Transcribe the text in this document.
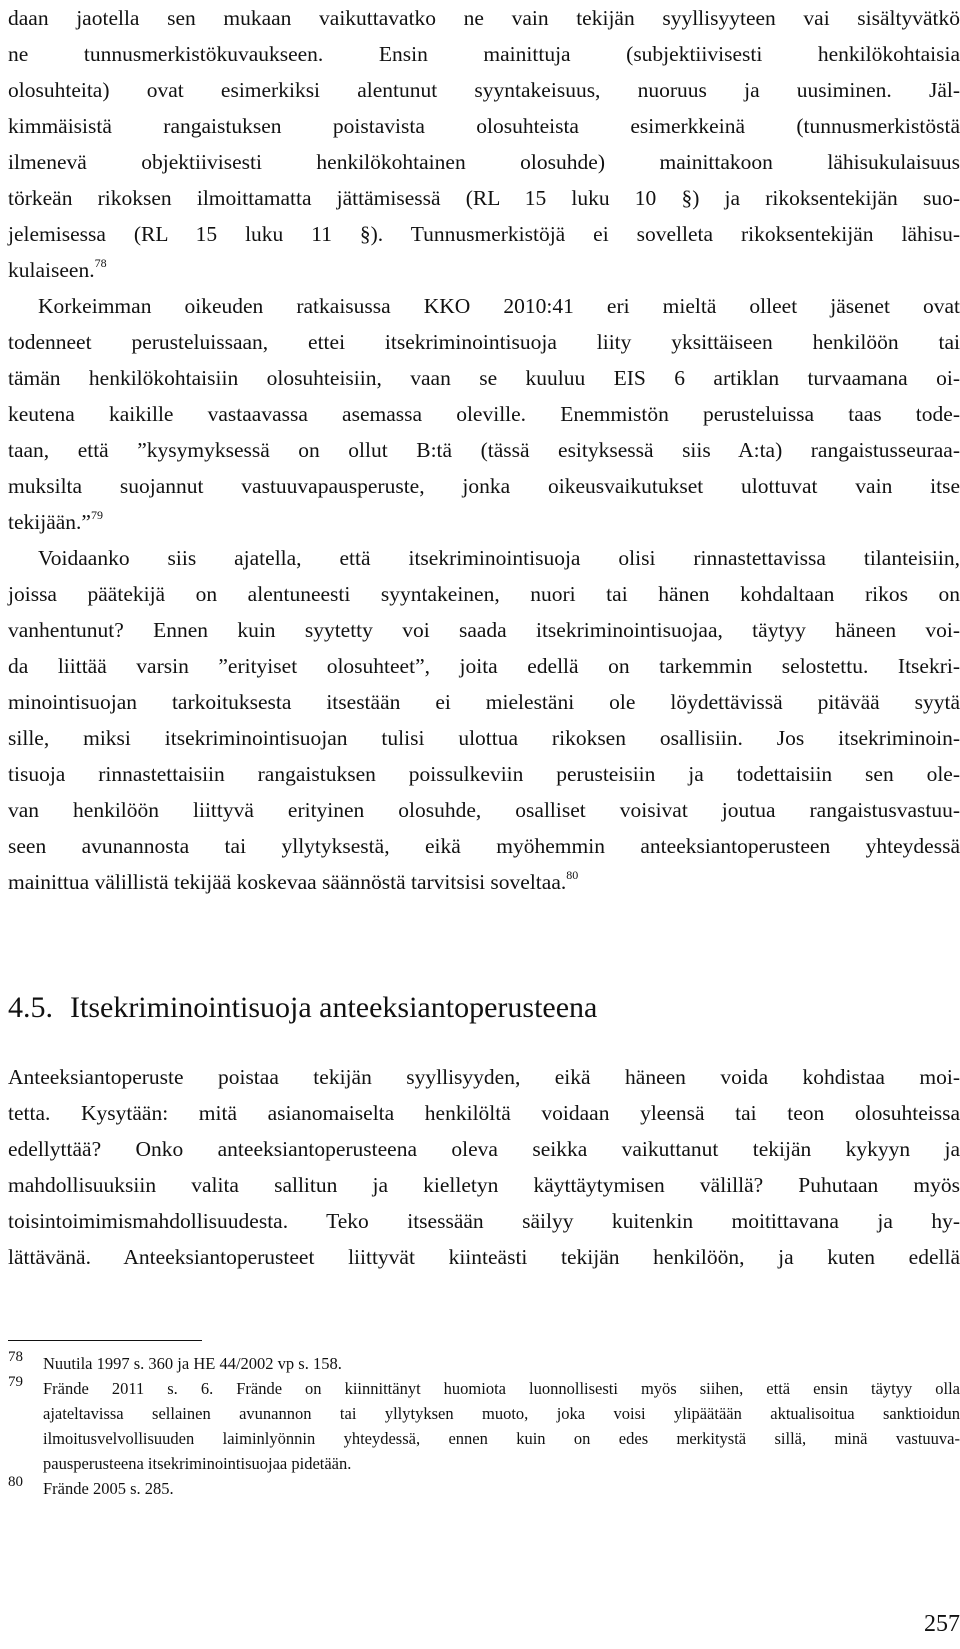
daan jaotella sen mukaan vaikuttavatko ne vain tekijän syyllisyyteen vai sisältyvätkö
ne tunnusmerkistökuvaukseen. Ensin mainittuja (subjektiivisesti henkilökohtaisia
olosuhteita) ovat esimerkiksi alentunut syyntakeisuus, nuoruus ja uusiminen. Jäl-
kimmäisistä rangaistuksen poistavista olosuhteista esimerkkeinä (tunnusmerkistöstä
ilmenevä objektiivisesti henkilökohtainen olosuhde) mainittakoon lähisukulaisuus
törkeän rikoksen ilmoittamatta jättämisessä (RL 15 luku 10 §) ja rikoksentekijän suo-
jelemisessa (RL 15 luku 11 §). Tunnusmerkistöjä ei sovelleta rikoksentekijän lähisu-
kulaiseen.$^{78}$
Korkeimman oikeuden ratkaisussa KKO 2010:41 eri mieltä olleet jäsenet ovat
todenneet perusteluissaan, ettei itsekriminointisuoja liity yksittäiseen henkilöön tai
tämän henkilökohtaisiin olosuhteisiin, vaan se kuuluu EIS 6 artiklan turvaamana oi-
keutena kaikille vastaavassa asemassa oleville. Enemmistön perusteluissa taas tode-
taan, että ”kysymyksessä on ollut B:tä (tässä esityksessä siis A:ta) rangaistusseuraa-
muksilta suojannut vastuuvapausperuste, jonka oikeusvaikutukset ulottuvat vain itse
tekijään.”$^{79}$
Voidaanko siis ajatella, että itsekriminointisuoja olisi rinnastettavissa tilanteisiin,
joissa päätekijä on alentuneesti syyntakeinen, nuori tai hänen kohdaltaan rikos on
vanhentunut? Ennen kuin syytetty voi saada itsekriminointisuojaa, täytyy häneen voi-
da liittää varsin ”erityiset olosuhteet”, joita edellä on tarkemmin selostettu. Itsekri-
minointisuojan tarkoituksesta itsestään ei mielestäni ole löydettävissä pitävää syytä
sille, miksi itsekriminointisuojan tulisi ulottua rikoksen osallisiin. Jos itsekriminoin-
tisuoja rinnastettaisiin rangaistuksen poissulkeviin perusteisiin ja todettaisiin sen ole-
van henkilöön liittyvä erityinen olosuhde, osalliset voisivat joutua rangaistusvastuu-
seen avunannosta tai yllytyksestä, eikä myöhemmin anteeksiantoperusteen yhteydessä
mainittua välillistä tekijää koskevaa säännöstä tarvitsisi soveltaa.$^{80}$
4.5. Itsekriminointisuoja anteeksiantoperusteena
Anteeksiantoperuste poistaa tekijän syyllisyyden, eikä häneen voida kohdistaa moi-
tetta. Kysytään: mitä asianomaiselta henkilöltä voidaan yleensä tai teon olosuhteissa
edellyttää? Onko anteeksiantoperusteena oleva seikka vaikuttanut tekijän kykyyn ja
mahdollisuuksiin valita sallitun ja kielletyn käyttäytymisen välillä? Puhutaan myös
toisintoimimismahdollisuudesta. Teko itsessään säilyy kuitenkin moitittavana ja hy-
lättävänä. Anteeksiantoperusteet liittyvät kiinteästi tekijän henkilöön, ja kuten edellä
78 Nuutila 1997 s. 360 ja HE 44/2002 vp s. 158.
79 Frände 2011 s. 6. Frände on kiinnittänyt huomiota luonnollisesti myös siihen, että ensin täytyy olla
ajateltavissa sellainen avunannon tai yllytyksen muoto, joka voisi ylipäätään aktualisoitua sanktioidun
ilmoitusvelvollisuuden laiminlyönnin yhteydessä, ennen kuin on edes merkitystä sillä, minä vastuuva-
pausperusteena itsekriminointisuojaa pidetään.
80 Frände 2005 s. 285.
257
